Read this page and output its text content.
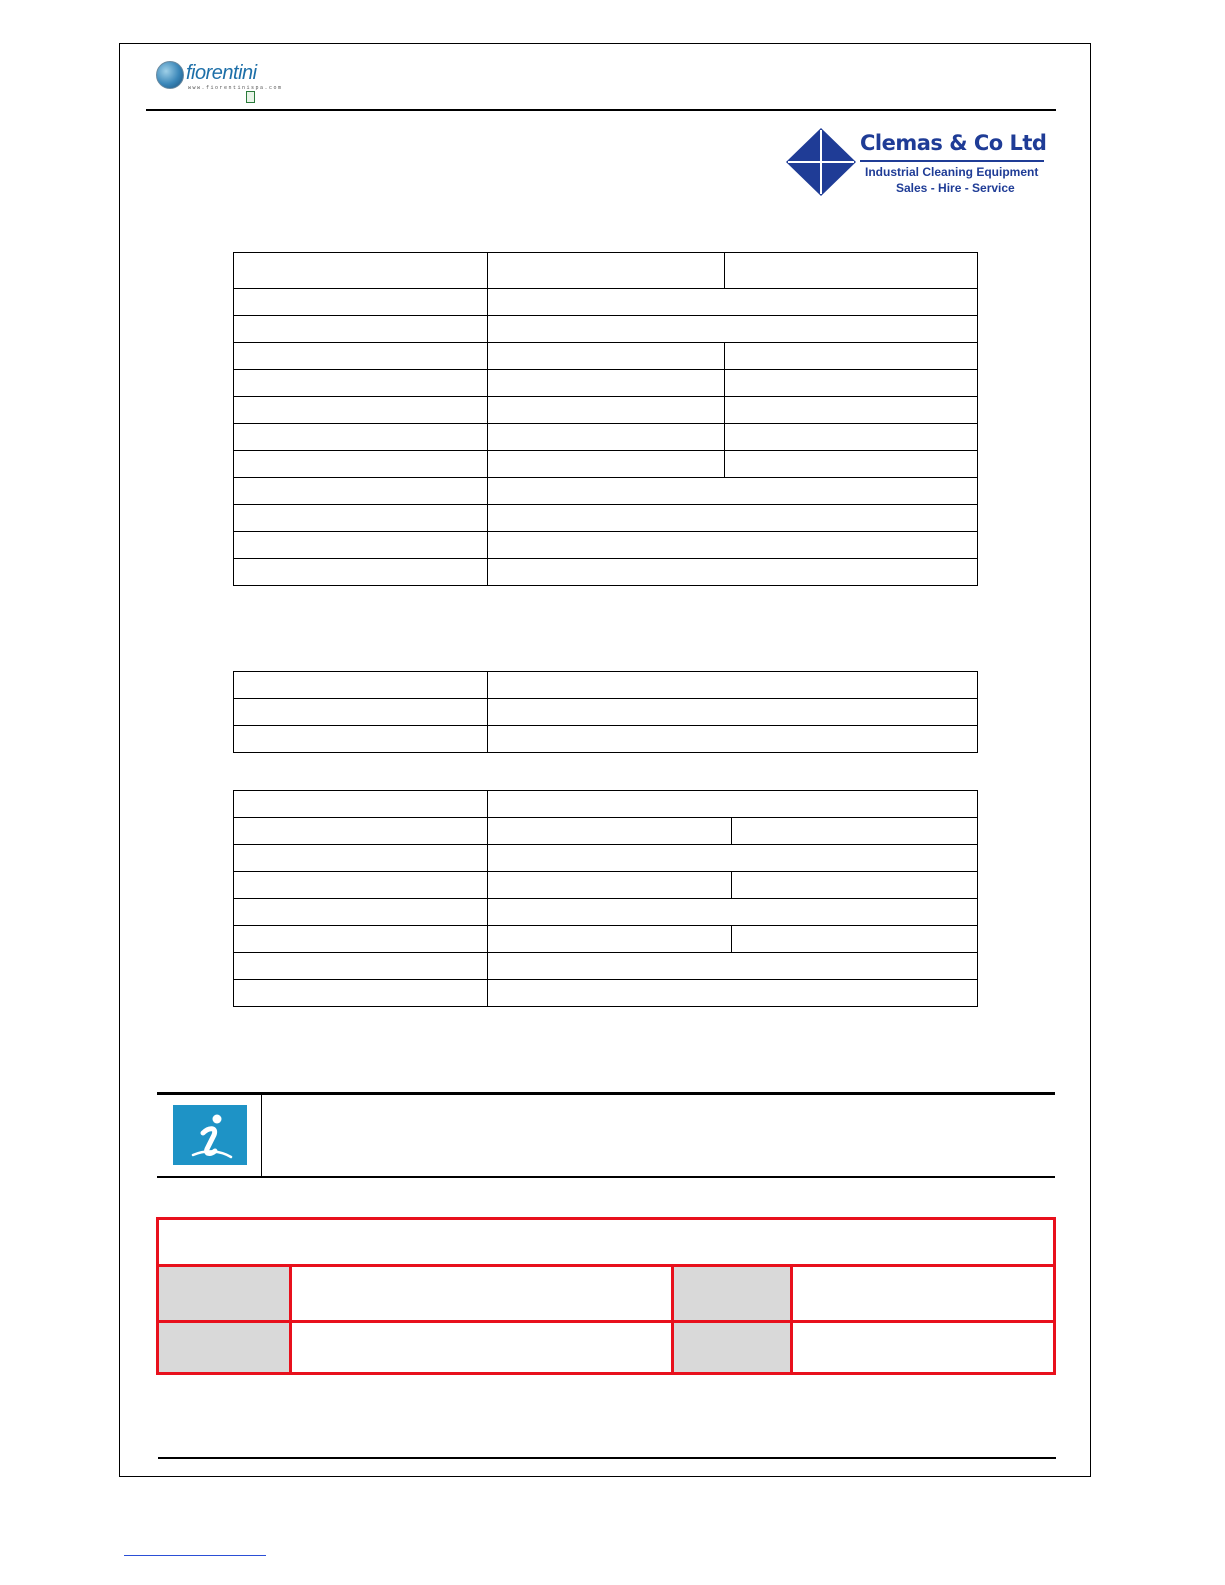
fiorentini
www.fiorentinispa.com
Clemas & Co Ltd
Industrial Cleaning Equipment
Sales - Hire - Service
